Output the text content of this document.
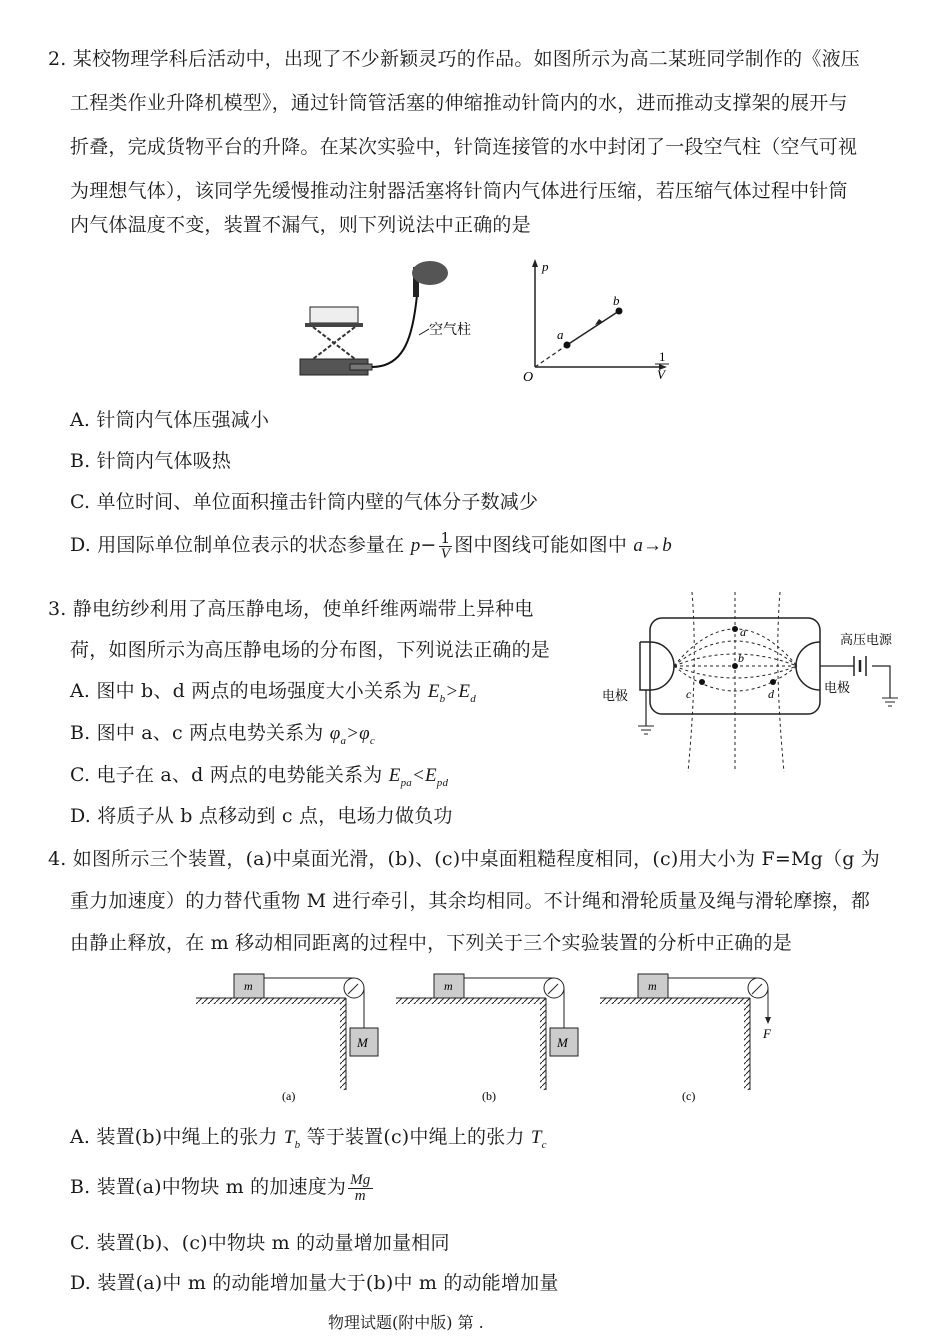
2. 某校物理学科后活动中，出现了不少新颖灵巧的作品。如图所示为高二某班同学制作的《液压
工程类作业升降机模型》，通过针筒管活塞的伸缩推动针筒内的水，进而推动支撑架的展开与
折叠，完成货物平台的升降。在某次实验中，针筒连接管的水中封闭了一段空气柱（空气可视
为理想气体），该同学先缓慢推动注射器活塞将针筒内气体进行压缩，若压缩气体过程中针筒
内气体温度不变，装置不漏气，则下列说法中正确的是
空气柱
p
O
a
b
1
V
A. 针筒内气体压强减小
B. 针筒内气体吸热
C. 单位时间、单位面积撞击针筒内壁的气体分子数减少
D. 用国际单位制单位表示的状态参量在 $p- \frac{1}{V}$ 图中图线可能如图中 a→b
3. 静电纺纱利用了高压静电场，使单纤维两端带上异种电
荷，如图所示为高压静电场的分布图，下列说法正确的是
a
b
c	d
电极
电极
高压电源
A. 图中 b、d 两点的电场强度大小关系为 $E_b>E_d$
B. 图中 a、c 两点电势关系为 $\varphi_a>\varphi_c$
C. 电子在 a、d 两点的电势能关系为 $E_{pa}<E_{pd}$
D. 将质子从 b 点移动到 c 点，电场力做负功
4. 如图所示三个装置，(a)中桌面光滑，(b)、(c)中桌面粗糙程度相同，(c)用大小为 F=Mg（g 为
重力加速度）的力替代重物 M 进行牵引，其余均相同。不计绳和滑轮质量及绳与滑轮摩擦，都
由静止释放，在 m 移动相同距离的过程中，下列关于三个实验装置的分析中正确的是
m
M
(a)
m
M
(b)
m
F
(c)
A. 装置(b)中绳上的张力 $T_b$ 等于装置(c)中绳上的张力 $T_c$
B. 装置(a)中物块 m 的加速度为 $\frac{Mg}{m}$
C. 装置(b)、(c)中物块 m 的动量增加量相同
D. 装置(a)中 m 的动能增加量大于(b)中 m 的动能增加量
物理试题(附中版) 第 .
